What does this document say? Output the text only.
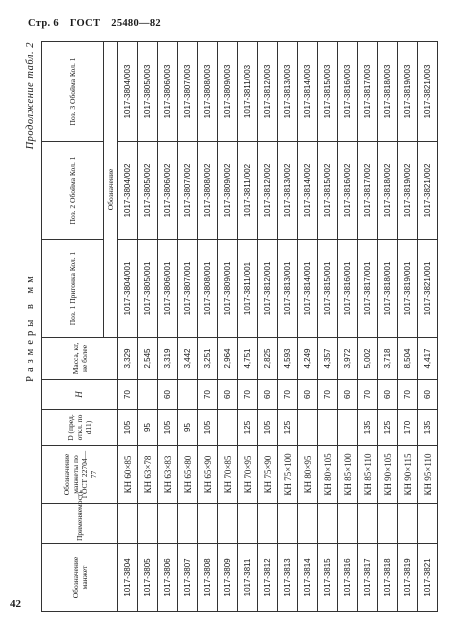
Стр. 6 ГОСТ 25480—82
42
Размеры в мм
Продолжение табл. 2
Обозначение манжет	Применяемость	Обозначение манжеты по ГОСТ 22704—77	D (пред. откл. по d11)	H	Масса, кг, не более	Поз. 1 Пригонка Кол. 1	Поз. 2 Обойма Кол. 1	Поз. 3 Обойма Кол. 1
						Обозначение		
1017-3804		КН 60×85	105	70	3,329	1017-3804/001	1017-3804/002	1017-3804/003
1017-3805		КН 63×78	95		2,545	1017-3805/001	1017-3805/002	1017-3805/003
1017-3806		КН 63×83	105	60	3,319	1017-3806/001	1017-3806/002	1017-3806/003
1017-3807		КН 65×80	95		3,442	1017-3807/001	1017-3807/002	1017-3807/003
1017-3808		КН 65×90	105	70	3,251	1017-3808/001	1017-3808/002	1017-3808/003
1017-3809		КН 70×85		60	2,964	1017-3809/001	1017-3809/002	1017-3809/003
1017-3811		КН 70×95	125	70	4,751	1017-3811/001	1017-3811/002	1017-3811/003
1017-3812		КН 75×90	105	60	2,825	1017-3812/001	1017-3812/002	1017-3812/003
1017-3813		КН 75×100	125	70	4,593	1017-3813/001	1017-3813/002	1017-3813/003
1017-3814		КН 80×95		60	4,249	1017-3814/001	1017-3814/002	1017-3814/003
1017-3815		КН 80×105		70	4,357	1017-3815/001	1017-3815/002	1017-3815/003
1017-3816		КН 85×100		60	3,972	1017-3816/001	1017-3816/002	1017-3816/003
1017-3817		КН 85×110	135	70	5,002	1017-3817/001	1017-3817/002	1017-3817/003
1017-3818		КН 90×105	125	60	3,718	1017-3818/001	1017-3818/002	1017-3818/003
1017-3819		КН 90×115	170	70	8,504	1017-3819/001	1017-3819/002	1017-3819/003
1017-3821		КН 95×110	135	60	4,417	1017-3821/001	1017-3821/002	1017-3821/003
